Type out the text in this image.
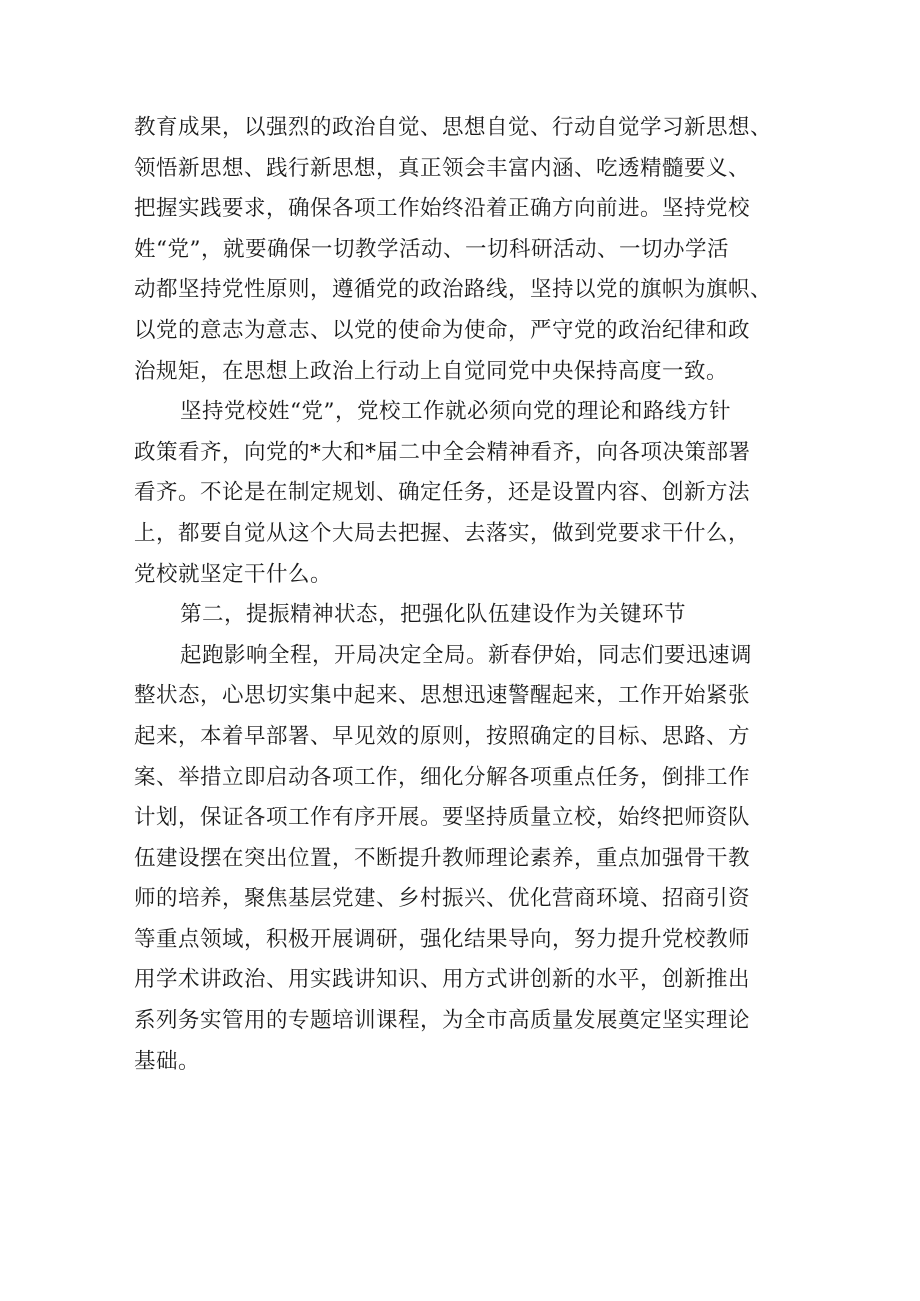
教育成果，以强烈的政治自觉、思想自觉、行动自觉学习新思想、
领悟新思想、践行新思想，真正领会丰富内涵、吃透精髓要义、
把握实践要求，确保各项工作始终沿着正确方向前进。坚持党校
姓“党”，就要确保一切教学活动、一切科研活动、一切办学活
动都坚持党性原则，遵循党的政治路线，坚持以党的旗帜为旗帜、
以党的意志为意志、以党的使命为使命，严守党的政治纪律和政
治规矩，在思想上政治上行动上自觉同党中央保持高度一致。
坚持党校姓“党”，党校工作就必须向党的理论和路线方针
政策看齐，向党的*大和*届二中全会精神看齐，向各项决策部署
看齐。不论是在制定规划、确定任务，还是设置内容、创新方法
上，都要自觉从这个大局去把握、去落实，做到党要求干什么，
党校就坚定干什么。
第二，提振精神状态，把强化队伍建设作为关键环节
起跑影响全程，开局决定全局。新春伊始，同志们要迅速调
整状态，心思切实集中起来、思想迅速警醒起来，工作开始紧张
起来，本着早部署、早见效的原则，按照确定的目标、思路、方
案、举措立即启动各项工作，细化分解各项重点任务，倒排工作
计划，保证各项工作有序开展。要坚持质量立校，始终把师资队
伍建设摆在突出位置，不断提升教师理论素养，重点加强骨干教
师的培养，聚焦基层党建、乡村振兴、优化营商环境、招商引资
等重点领域，积极开展调研，强化结果导向，努力提升党校教师
用学术讲政治、用实践讲知识、用方式讲创新的水平，创新推出
系列务实管用的专题培训课程，为全市高质量发展奠定坚实理论
基础。
